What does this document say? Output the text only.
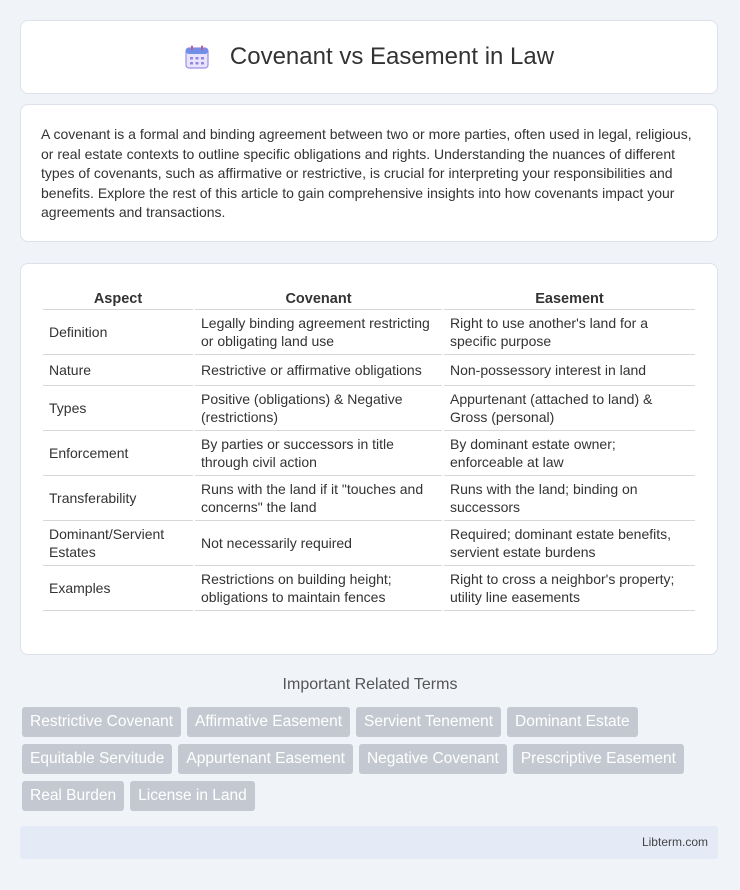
Covenant vs Easement in Law

A covenant is a formal and binding agreement between two or more parties, often used in legal, religious, or real estate contexts to outline specific obligations and rights. Understanding the nuances of different types of covenants, such as affirmative or restrictive, is crucial for interpreting your responsibilities and benefits. Explore the rest of this article to gain comprehensive insights into how covenants impact your agreements and transactions.

Aspect	Covenant	Easement
Definition	Legally binding agreement restricting or obligating land use	Right to use another's land for a specific purpose
Nature	Restrictive or affirmative obligations	Non-possessory interest in land
Types	Positive (obligations) & Negative (restrictions)	Appurtenant (attached to land) & Gross (personal)
Enforcement	By parties or successors in title through civil action	By dominant estate owner; enforceable at law
Transferability	Runs with the land if it "touches and concerns" the land	Runs with the land; binding on successors
Dominant/Servient Estates	Not necessarily required	Required; dominant estate benefits, servient estate burdens
Examples	Restrictions on building height; obligations to maintain fences	Right to cross a neighbor's property; utility line easements
Important Related Terms
Restrictive Covenant	Affirmative Easement	Servient Tenement	Dominant Estate
Equitable Servitude	Appurtenant Easement	Negative Covenant	Prescriptive Easement
Real Burden	License in Land
Libterm.com
